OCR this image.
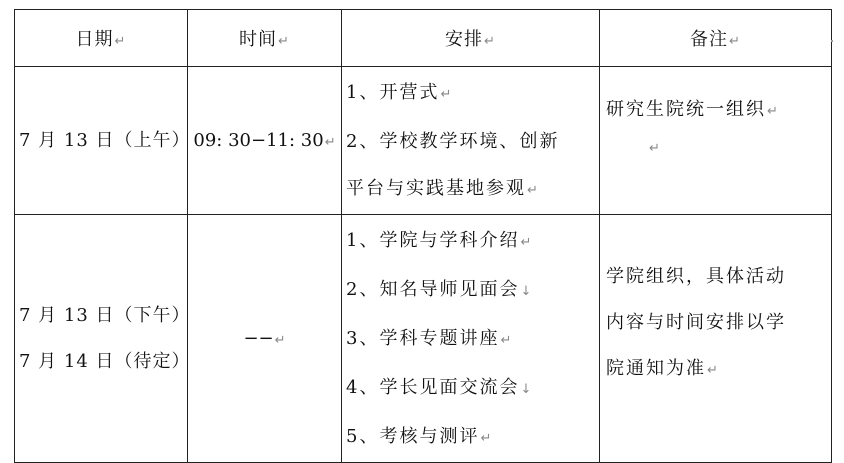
日期↵	时间↵	安排↵	备注↵
7 月 13 日（上午）	09: 30−11: 30↵	1、开营式↵
2、学校教学环境、创新
平台与实践基地参观↵	研究生院统一组织↵
↵

7 月 13 日（下午）
7 月 14 日（待定）	−−↵	1、学院与学科介绍↵
2、知名导师见面会↓
3、学科专题讲座↵
4、学长见面交流会↓
5、考核与测评↵	学院组织，具体活动
内容与时间安排以学
院通知为准↵
